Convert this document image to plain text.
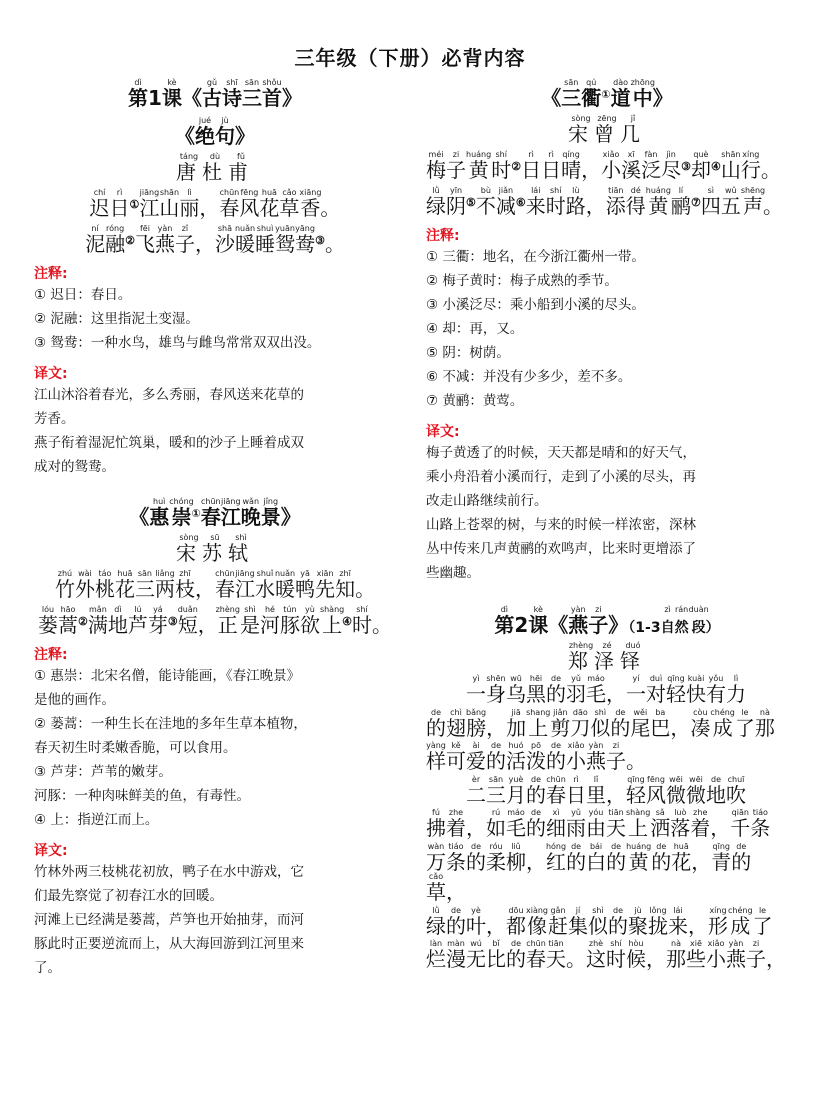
三年级（下册）必背内容
第dì1课kè《古gǔ诗shī三sān首shǒu》
《绝jué句jù》
唐táng杜dù甫fǔ
迟chí日rì①江jiāng山shān丽lì，春chūn风fēng花huā草cǎo香xiāng。
泥ní融róng②飞fēi燕yàn子zǐ，沙shā暖nuǎn睡shuì鸳yuān鸯yāng③。
注释:
① 迟日：春日。
② 泥融：这里指泥土变湿。
③ 鸳鸯：一种水鸟，雄鸟与雌鸟常常双双出没。
译文:
江山沐浴着春光，多么秀丽，春风送来花草的
芳香。
燕子衔着湿泥忙筑巢，暖和的沙子上睡着成双
成对的鸳鸯。
《惠huì崇chóng①春chūn江jiāng晚wǎn景jǐng》
宋sòng苏sū轼shì
竹zhú外wài桃táo花huā三sān两liǎng枝zhī，春chūn江jiāng水shuǐ暖nuǎn鸭yā先xiān知zhī。
蒌lóu蒿hāo②满mǎn地dì芦lú芽yá③短duǎn，正zhèng是shì河hé豚tún欲yù上shàng④时shí。
注释:
① 惠崇：北宋名僧，能诗能画，《春江晚景》
是他的画作。
② 蒌蒿：一种生长在洼地的多年生草本植物，
春天初生时柔嫩香脆，可以食用。
③ 芦芽：芦苇的嫩芽。
河豚：一种肉味鲜美的鱼，有毒性。
④ 上：指逆江而上。
译文:
竹林外两三枝桃花初放，鸭子在水中游戏，它
们最先察觉了初春江水的回暖。
河滩上已经满是蒌蒿，芦笋也开始抽芽，而河
豚此时正要逆流而上，从大海回游到江河里来
了。
《三sān衢qú①道dào中zhōng》
宋sòng曾zēng几jǐ
梅méi子zi黄huáng时shí②日rì日rì晴qíng，小xiǎo溪xī泛fàn尽jìn③却què④山shān行xíng。
绿lǜ阴yīn⑤不bù减jiǎn⑥来lái时shí路lù，添tiān得dé黄huáng鹂lí⑦四sì五wǔ声shēng。
注释:
① 三衢：地名，在今浙江衢州一带。
② 梅子黄时：梅子成熟的季节。
③ 小溪泛尽：乘小船到小溪的尽头。
④ 却：再，又。
⑤ 阴：树荫。
⑥ 不减：并没有少多少，差不多。
⑦ 黄鹂：黄莺。
译文:
梅子黄透了的时候，天天都是晴和的好天气，
乘小舟沿着小溪而行，走到了小溪的尽头，再
改走山路继续前行。
山路上苍翠的树，与来的时候一样浓密，深林
丛中传来几声黄鹂的欢鸣声，比来时更增添了
些幽趣。
第dì2课kè《燕yàn子zi》（1-3自zì然rán段duàn）
郑zhèng泽zé铎duó
一yì身shēn乌wū黑hēi的de羽yǔ毛máo，一yí对duì轻qīng快kuài有yǒu力lì
的de翅chì膀bǎng，加jiā上shang剪jiǎn刀dāo似shì的de尾wěi巴ba，凑còu成chéng了le那nà
样yàng可kě爱ài的de活huó泼pō的de小xiǎo燕yàn子zi。
二èr三sān月yuè的de春chūn日rì里lǐ，轻qīng风fēng微wēi微wēi地de吹chuī
拂fú着zhe，如rú毛máo的de细xì雨yǔ由yóu天tiān上shàng洒sǎ落luò着zhe，千qiān条tiáo
万wàn条tiáo的de柔róu柳liǔ，红hóng的de白bái的de黄huáng的de花huā，青qīng的de草cǎo，
绿lǜ的de叶yè，都dōu像xiàng赶gǎn集jí似shì的de聚jù拢lǒng来lái，形xíng成chéng了le
烂làn漫màn无wú比bǐ的de春chūn天tiān。这zhè时shí候hòu，那nà些xiē小xiǎo燕yàn子zi，
